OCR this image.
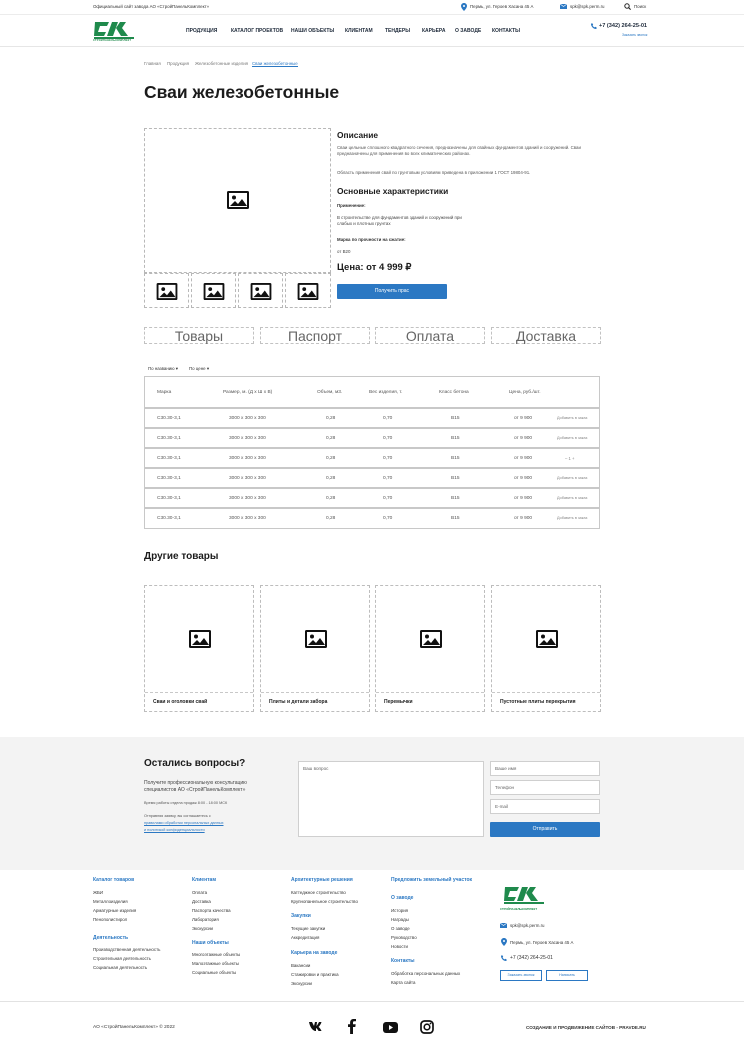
Официальный сайт завода АО «СтройПанельКомплект»	Пермь, ул. Героев Хасана 45 А	spk@spk.perm.ru	Поиск
СТРОЙПАНЕЛЬКОМПЛЕКТ
ПРОДУКЦИЯ	КАТАЛОГ ПРОЕКТОВ НАШИ ОБЪЕКТЫ КЛИЕНТАМ ТЕНДЕРЫ КАРЬЕРА О ЗАВОДЕ КОНТАКТЫ
+7 (342) 264-25-01
Заказать звонок
Главная Продукция Железобетонные изделия Сваи железобетонные
Сваи железобетонные
Описание
Сваи цельные сплошного квадратного сечения, предназначены для свайных фундаментов зданий и сооружений. Сваи предназначены для применения во всех климатических районах.
Область применения свай по грунтовым условиям приведена в приложении 1 ГОСТ 19804-91.
Основные характеристики
Применение:
В строительстве для фундаментов зданий и сооружений при слабых и плотных грунтах
Марка по прочности на сжатие:
от В20
Цена: от 4 999 ₽
Получить прас
Товары	Паспорт	Оплата	Доставка
По названию ▾	По цене ▾
Марка	Размер, м. (Д х Ш х В)	Объем, м3.	Вес изделия, т.	Класс бетона	Цена, руб./шт.
С30.30-3,1	3000 х 300 х 300	0,28	0,70	В15	от 9 900	Добавить в заказ
С30.30-3,1	3000 х 300 х 300	0,28	0,70	В15	от 9 900	Добавить в заказ
С30.30-3,1	3000 х 300 х 300	0,28	0,70	В15	от 9 900	– 1 +
С30.30-3,1	3000 х 300 х 300	0,28	0,70	В15	от 9 900	Добавить в заказ
С30.30-3,1	3000 х 300 х 300	0,28	0,70	В15	от 9 900	Добавить в заказ
С30.30-3,1	3000 х 300 х 300	0,28	0,70	В15	от 9 900	Добавить в заказ
Другие товары
Сваи и оголовки свай	Плиты и детали забора	Перемычки	Пустотные плиты перекрытия
Остались вопросы?
Получите профессиональную консультацию специалистов АО «СтройПанельКомплект»
Время работы отдела продаж 8:00 - 18:00 МСК
Отправляя заявку, вы соглашаетесь с
правилами обработки персональных данных
и политикой конфиденциальности
Ваш вопрос	Ваше имя
Телефон
E-mail
Отправить
Каталог товаров
ЖБИ
Металлоизделия
Арматурные изделия
Пенополистирол
Деятельность
Производственная деятельность
Строительная деятельность
Социальная деятельность
Клиентам
Оплата
Доставка
Паспорта качества
Лаборатория
Экскурсии
Наши объекты
Многоэтажные объекты
Малоэтажные объекты
Социальные объекты
Архитектурные решения
Каттеджное строительство
Крупнопанельное строительство
Закупки
Текущие закупки
Аккредитация
Карьера на заводе
Вакансии
Стажировки и практика
Экскурсии
Предложить земельный участок
О заводе
История
Награды
О заводе
Руководство
Новости
Контакты
Обработка персональных данных
Карта сайта
СТРОЙПАНЕЛЬКОМПЛЕКТ
spk@spk.perm.ru
Пермь, ул. Героев Хасана 45 А
+7 (342) 264-25-01
Заказать звонок	Написать
АО «СтройПанельКомплект» © 2022	СОЗДАНИЕ И ПРОДВИЖЕНИЕ САЙТОВ - PRAVDE.RU
